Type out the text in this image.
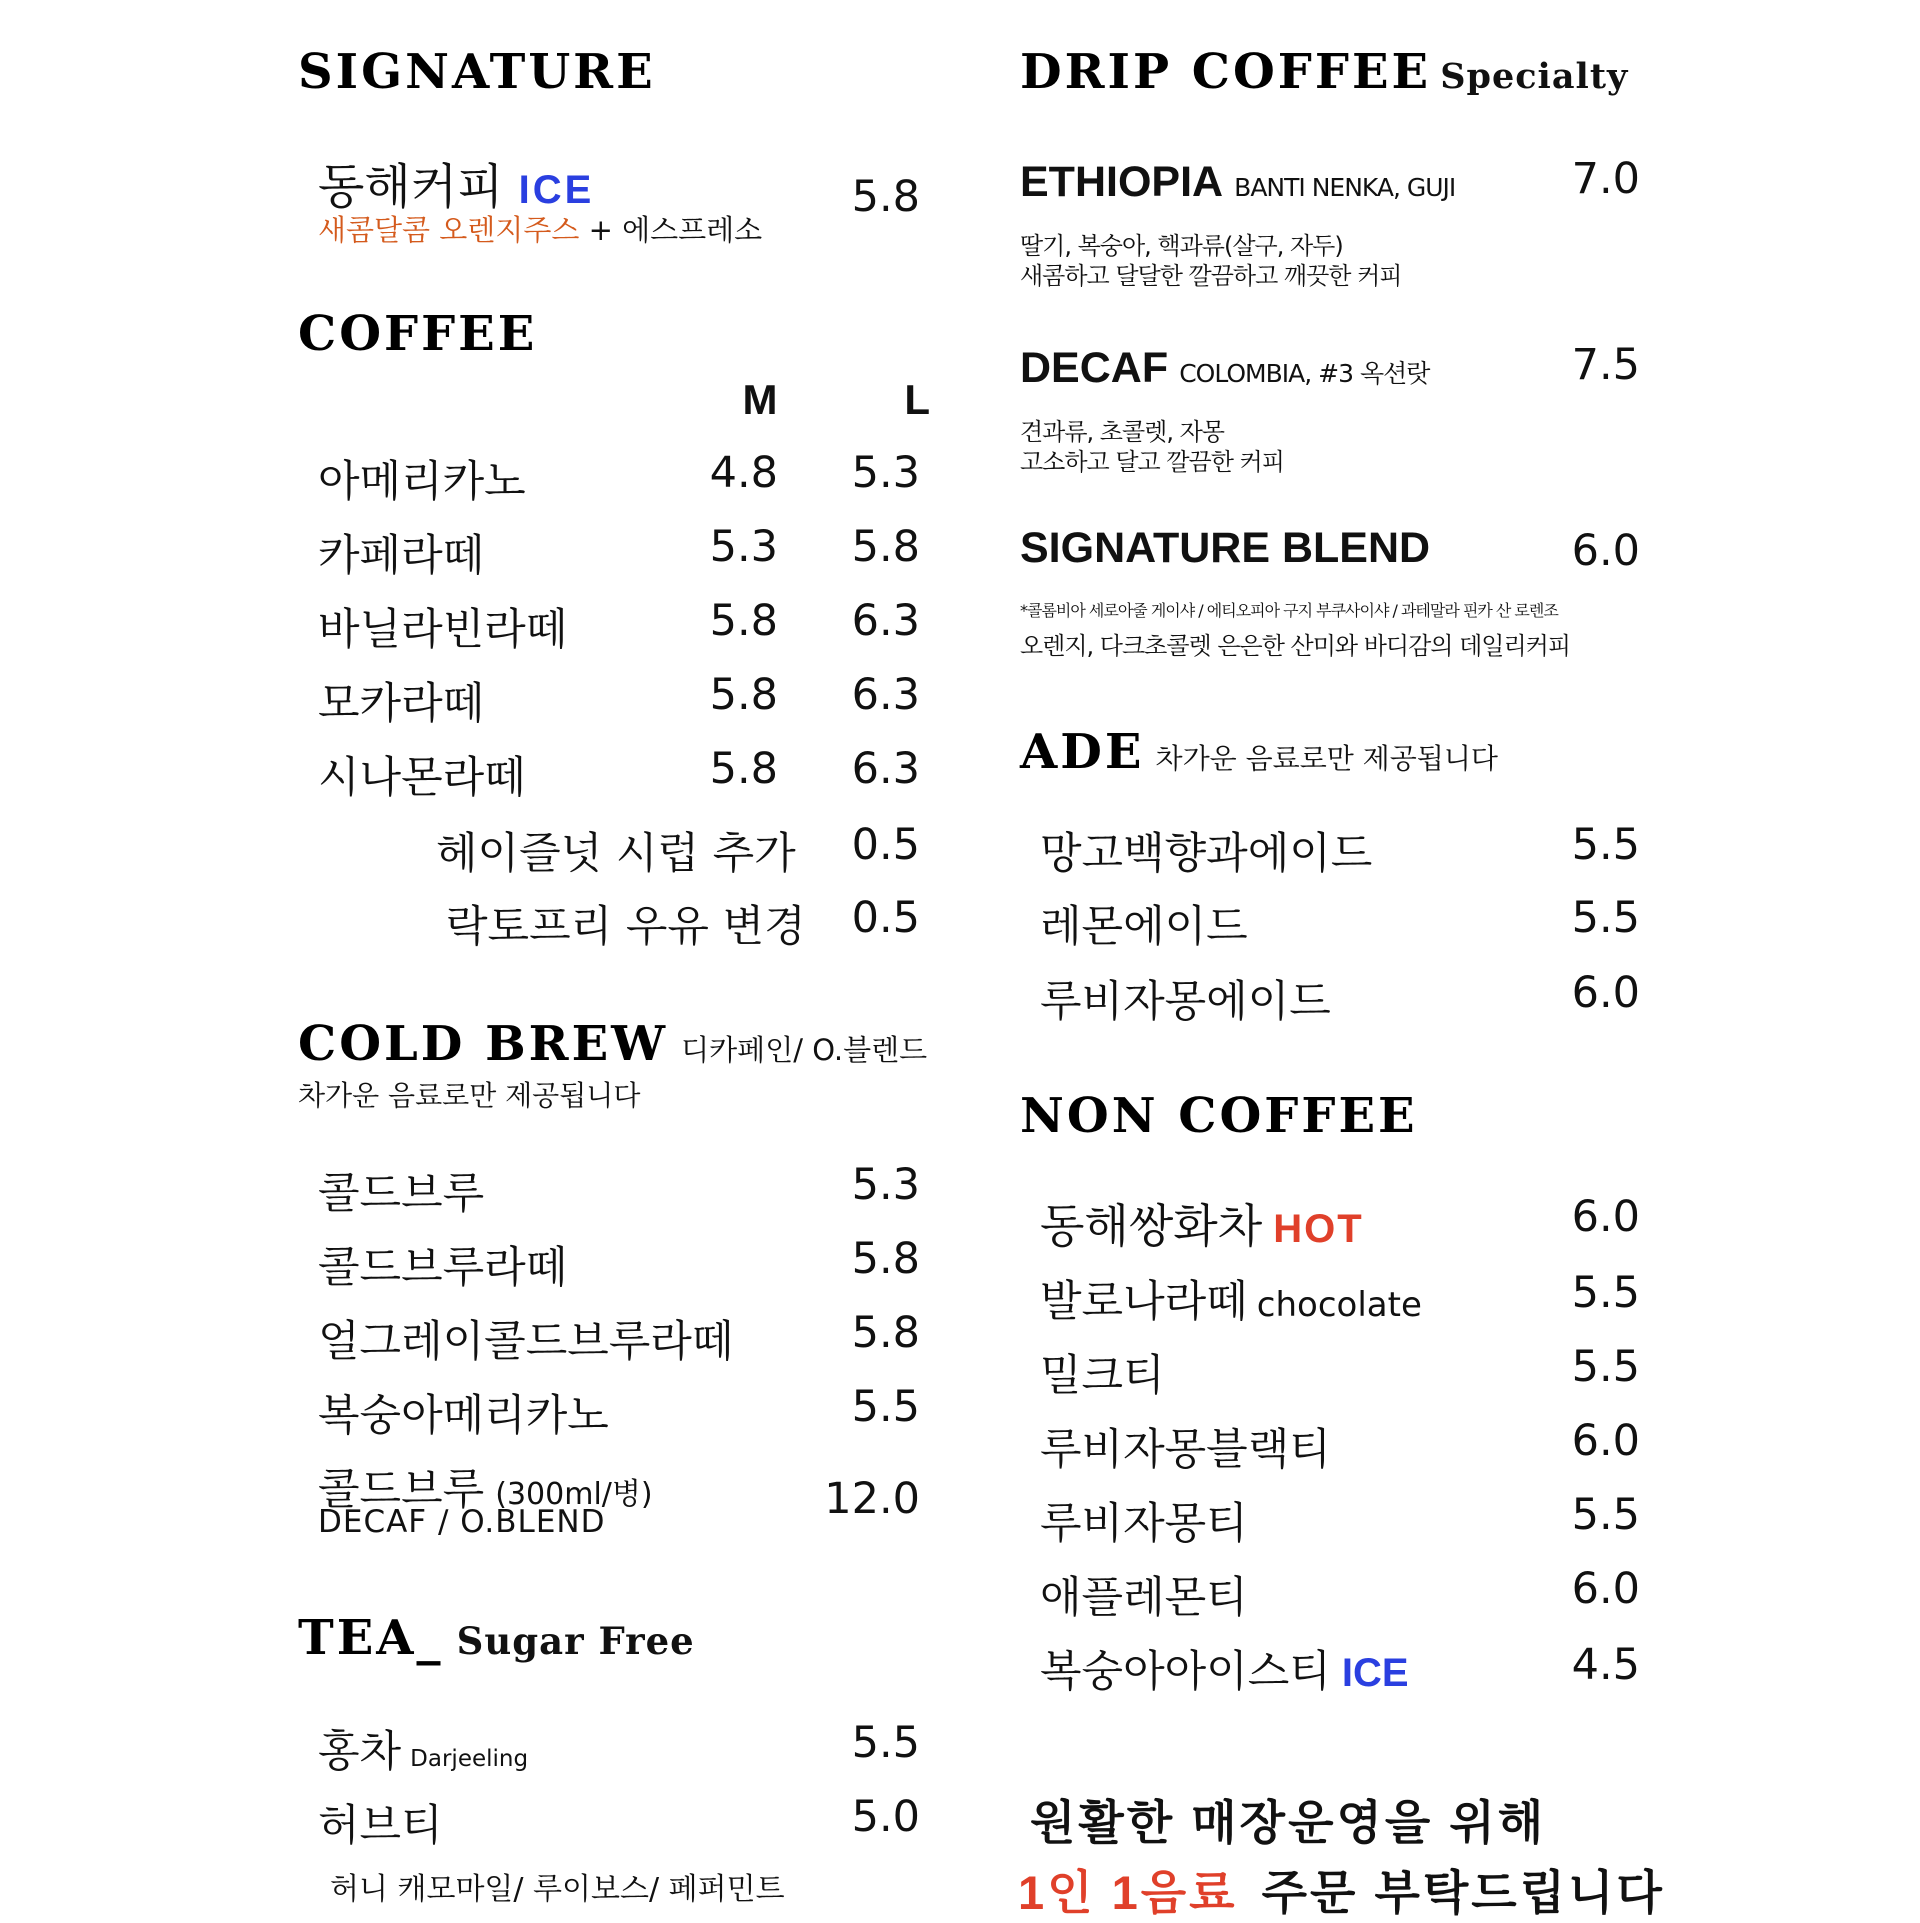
SIGNATURE
동해커피 ICE
새콤달콤 오렌지주스 + 에스프레소
5.8
COFFEE
M	L
아메리카노	4.8	5.3
카페라떼	5.3	5.8
바닐라빈라떼	5.8	6.3
모카라떼	5.8	6.3
시나몬라떼	5.8	6.3
헤이즐넛 시럽 추가	0.5
락토프리 우유 변경	0.5
COLD BREW 디카페인/ O.블렌드
차가운 음료로만 제공됩니다
콜드브루	5.3
콜드브루라떼	5.8
얼그레이콜드브루라떼	5.8
복숭아메리카노	5.5
콜드브루 (300ml/병)
DECAF / O.BLEND	12.0
TEA_ Sugar Free
홍차 Darjeeling	5.5
허브티	5.0
허니 캐모마일/ 루이보스/ 페퍼민트
DRIP COFFEE Specialty
ETHIOPIA BANTI NENKA, GUJI	7.0
딸기, 복숭아, 핵과류(살구, 자두)
새콤하고 달달한 깔끔하고 깨끗한 커피
DECAF COLOMBIA, #3 옥션랏	7.5
견과류, 초콜렛, 자몽
고소하고 달고 깔끔한 커피
SIGNATURE BLEND	6.0
*콜롬비아 세로아줄 게이샤 / 에티오피아 구지 부쿠사이샤 / 과테말라 핀카 산 로렌조
오렌지, 다크초콜렛 은은한 산미와 바디감의 데일리커피
ADE 차가운 음료로만 제공됩니다
망고백향과에이드	5.5
레몬에이드	5.5
루비자몽에이드	6.0
NON COFFEE
동해쌍화차 HOT	6.0
발로나라떼 chocolate	5.5
밀크티	5.5
루비자몽블랙티	6.0
루비자몽티	5.5
애플레몬티	6.0
복숭아아이스티 ICE	4.5
원활한 매장운영을 위해
1인 1음료 주문 부탁드립니다
